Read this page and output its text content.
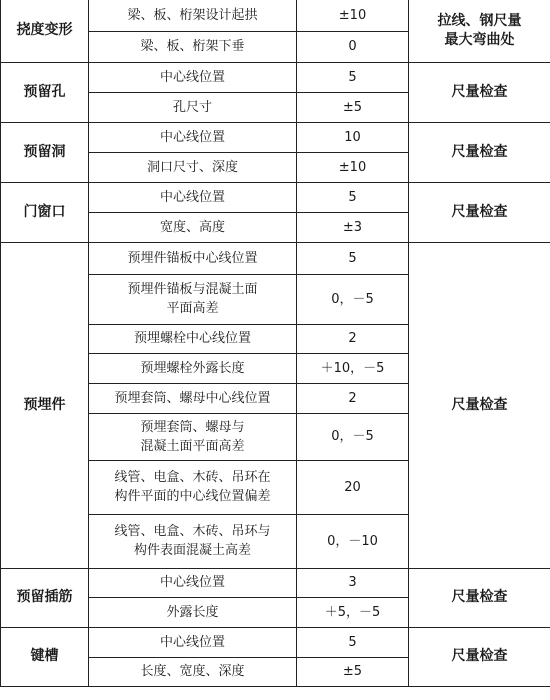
挠度变形	梁、板、桁架设计起拱	±10	拉线、钢尺量
最大弯曲处
	梁、板、桁架下垂	0	
预留孔	中心线位置	5	尺量检查
	孔尺寸	±5	
预留洞	中心线位置	10	尺量检查
	洞口尺寸、深度	±10	
门窗口	中心线位置	5	尺量检查
	宽度、高度	±3	
预埋件	预埋件锚板中心线位置	5	尺量检查
	预埋件锚板与混凝土面
平面高差	0，－5	
	预埋螺栓中心线位置	2	
	预埋螺栓外露长度	＋10，－5	
	预埋套筒、螺母中心线位置	2	
	预埋套筒、螺母与
混凝土面平面高差	0，－5	
	线管、电盒、木砖、吊环在
构件平面的中心线位置偏差	20	
	线管、电盒、木砖、吊环与
构件表面混凝土高差	0，－10	
预留插筋	中心线位置	3	尺量检查
	外露长度	＋5，－5	
键槽	中心线位置	5	尺量检查
	长度、宽度、深度	±5	
